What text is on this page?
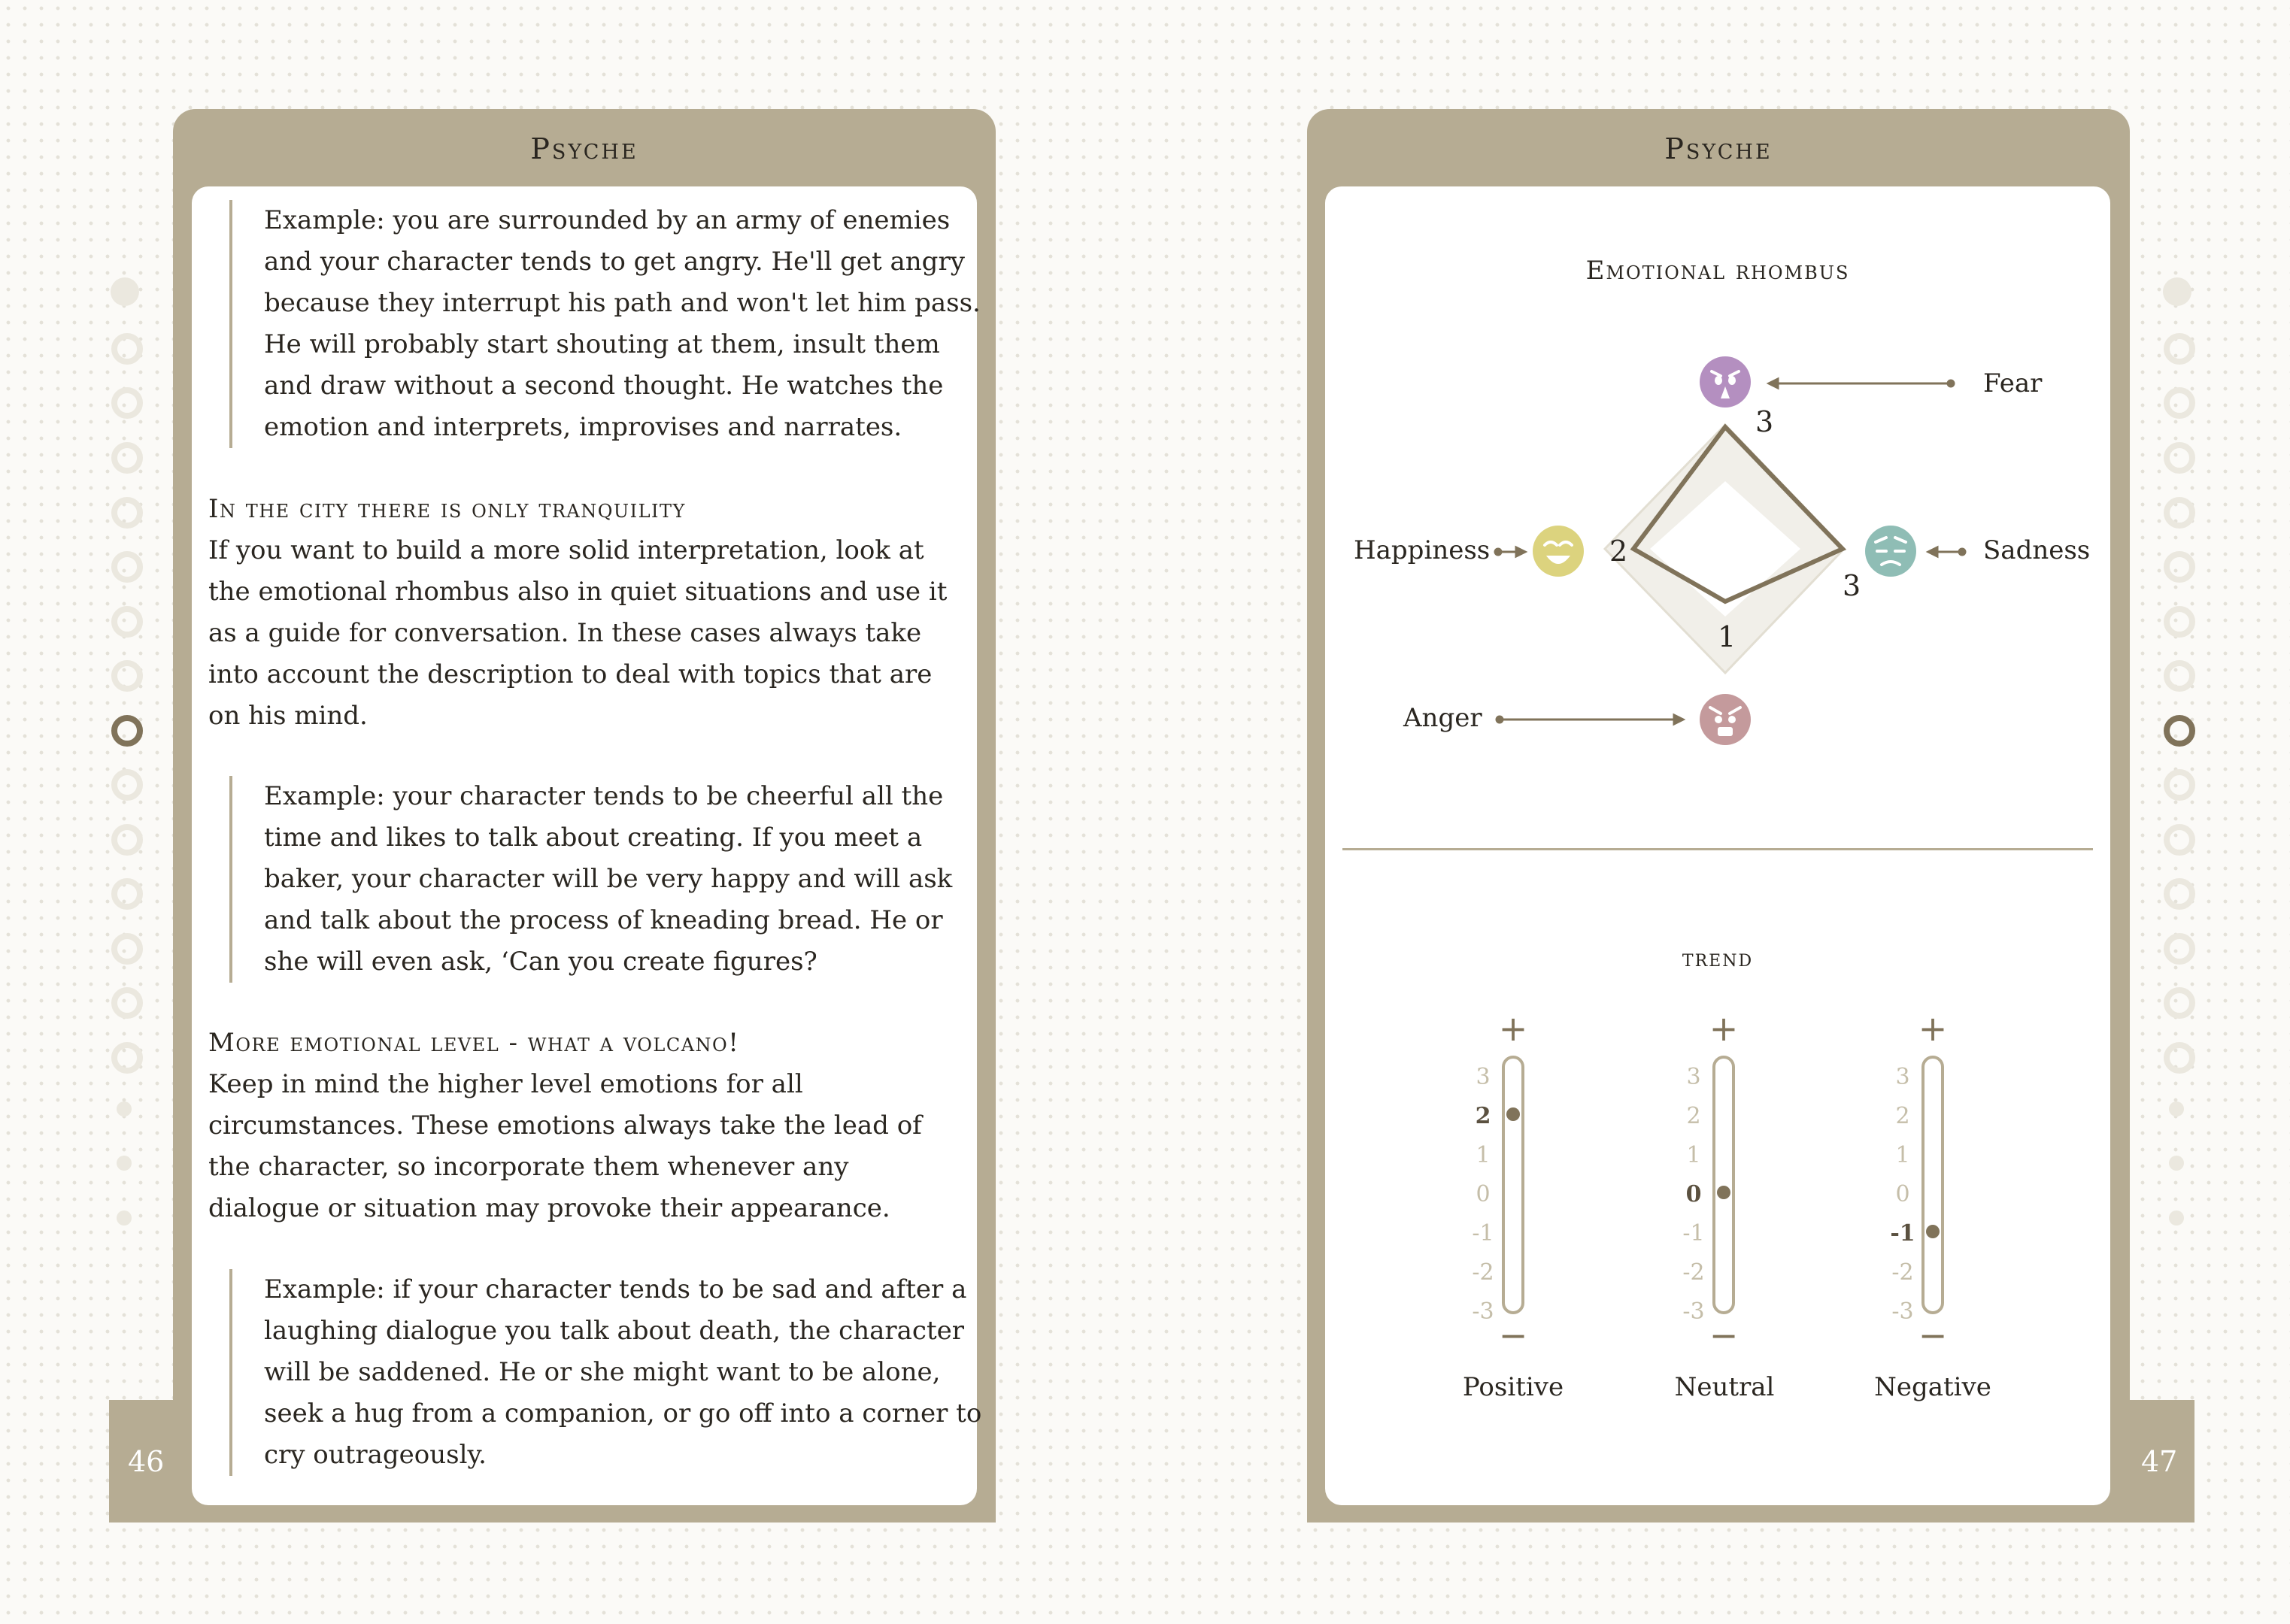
46
Psyche
Example: you are surrounded by an army of enemies and your character tends to get angry. He'll get angry because they interrupt his path and won't let him pass. He will probably start shouting at them, insult them and draw without a second thought. He watches the emotion and interprets, improvises and narrates.
In the city there is only tranquility
If you want to build a more solid interpretation, look at the emotional rhombus also in quiet situations and use it as a guide for conversation. In these cases always take into account the description to deal with topics that are on his mind.
Example: your character tends to be cheerful all the time and likes to talk about creating. If you meet a baker, your character will be very happy and will ask and talk about the process of kneading bread. He or she will even ask, ‘Can you create figures?
More emotional level - what a volcano!
Keep in mind the higher level emotions for all circumstances. These emotions always take the lead of the character, so incorporate them whenever any dialogue or situation may provoke their appearance.
Example: if your character tends to be sad and after a laughing dialogue you talk about death, the character will be saddened. He or she might want to be alone, seek a hug from a companion, or go off into a corner to cry outrageously.	47
Psyche
Emotional rhombus
3
3
1
2
Fear
Sadness
Anger
Happiness
trend
+
3
2
1
0
-1
-2
-3
−
+
3
2
1
0
-1
-2
-3
−
+
3
2
1
0
-1
-2
-3
−
Positive	Neutral	Negative
